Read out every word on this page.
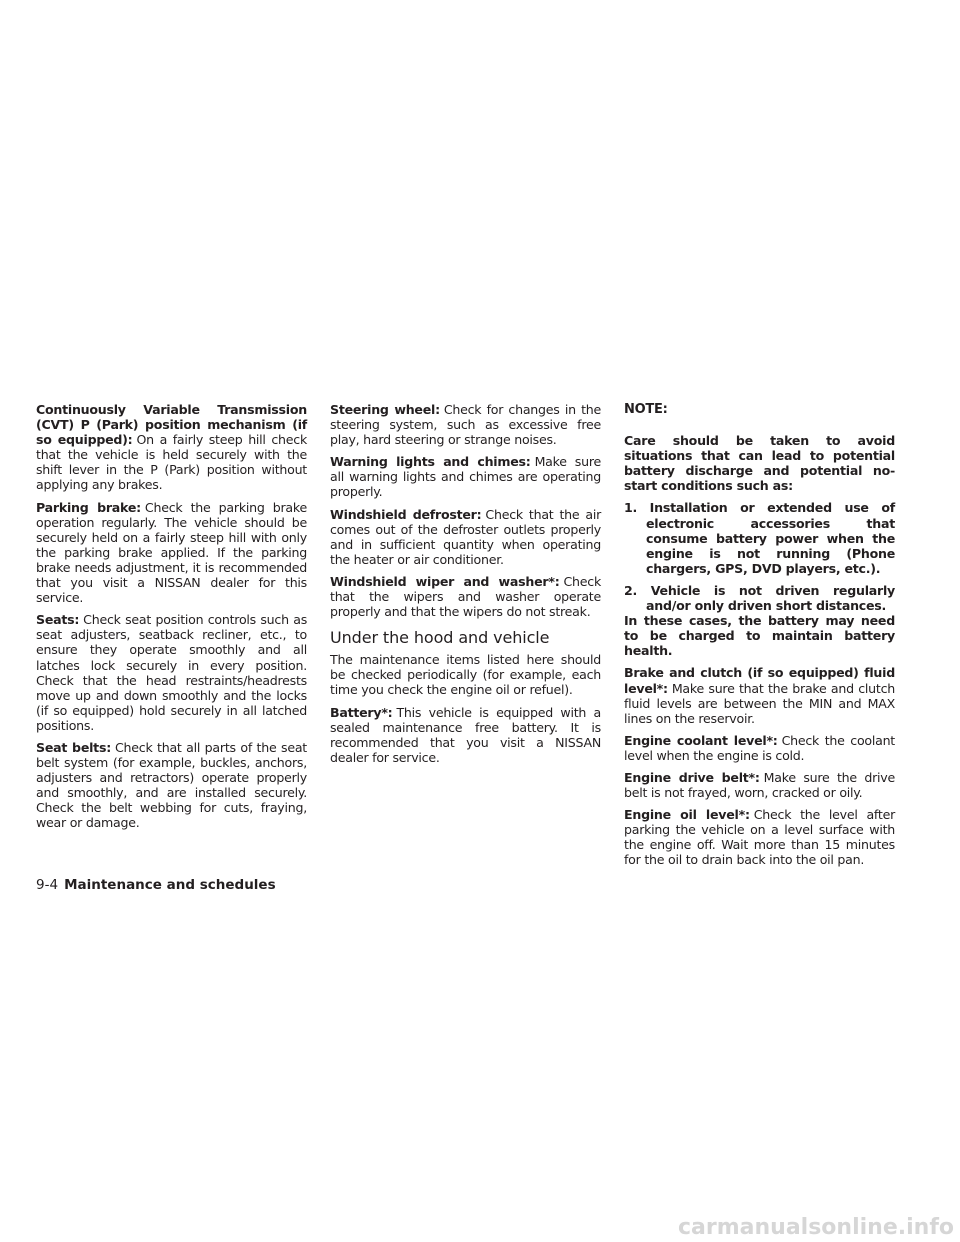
Continuously Variable Transmission (CVT) P (Park) position mechanism (if so equipped): On a fairly steep hill check that the vehicle is held securely with the shift lever in the P (Park) position without applying any brakes.

Parking brake: Check the parking brake operation regularly. The vehicle should be securely held on a fairly steep hill with only the parking brake applied. If the parking brake needs adjustment, it is recommended that you visit a NISSAN dealer for this service.

Seats: Check seat position controls such as seat adjusters, seatback recliner, etc., to ensure they operate smoothly and all latches lock securely in every position. Check that the head restraints/headrests move up and down smoothly and the locks (if so equipped) hold securely in all latched positions.

Seat belts: Check that all parts of the seat belt system (for example, buckles, anchors, adjusters and retractors) operate properly and smoothly, and are installed securely. Check the belt webbing for cuts, fraying, wear or damage.

Steering wheel: Check for changes in the steering system, such as excessive free play, hard steering or strange noises.

Warning lights and chimes: Make sure all warning lights and chimes are operating properly.

Windshield defroster: Check that the air comes out of the defroster outlets properly and in sufficient quantity when operating the heater or air conditioner.

Windshield wiper and washer*: Check that the wipers and washer operate properly and that the wipers do not streak.

Under the hood and vehicle

The maintenance items listed here should be checked periodically (for example, each time you check the engine oil or refuel).

Battery*: This vehicle is equipped with a sealed maintenance free battery. It is recommended that you visit a NISSAN dealer for service.

NOTE:

Care should be taken to avoid situations that can lead to potential battery discharge and potential no-start conditions such as:

1. Installation or extended use of electronic accessories that consume battery power when the engine is not running (Phone chargers, GPS, DVD players, etc.).

2. Vehicle is not driven regularly and/or only driven short distances.

In these cases, the battery may need to be charged to maintain battery health.

Brake and clutch (if so equipped) fluid level*: Make sure that the brake and clutch fluid levels are between the MIN and MAX lines on the reservoir.

Engine coolant level*: Check the coolant level when the engine is cold.

Engine drive belt*: Make sure the drive belt is not frayed, worn, cracked or oily.

Engine oil level*: Check the level after parking the vehicle on a level surface with the engine off. Wait more than 15 minutes for the oil to drain back into the oil pan.

9-4 Maintenance and schedules
carmanualsonline.info
